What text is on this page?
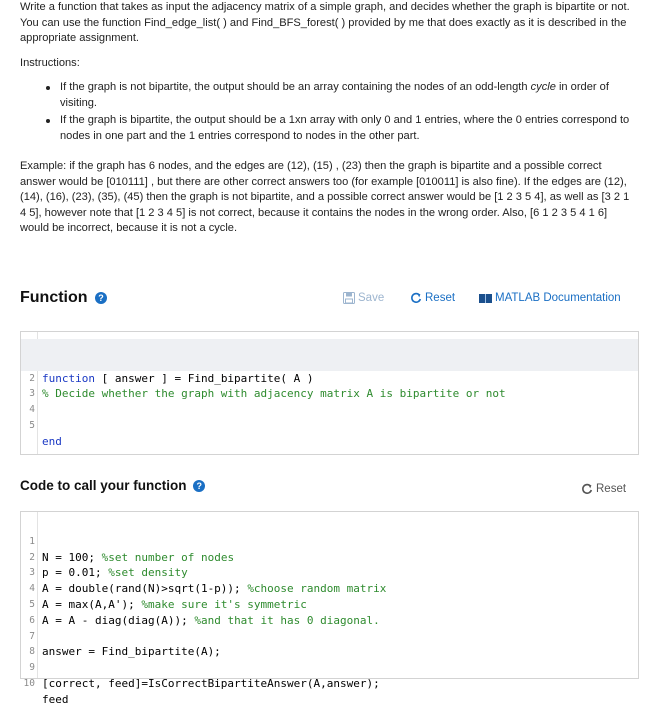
Write a function that takes as input the adjacency matrix of a simple graph, and decides whether the graph is bipartite or not. You can use the function Find_edge_list( ) and Find_BFS_forest( ) provided by me that does exactly as it is described in the appropriate assignment.

Instructions:
If the graph is not bipartite, the output should be an array containing the nodes of an odd-length cycle in order of visiting.
If the graph is bipartite, the output should be a 1xn array with only 0 and 1 entries, where the 0 entries correspond to nodes in one part and the 1 entries correspond to nodes in the other part.

Example: if the graph has 6 nodes, and the edges are (12), (15) , (23) then the graph is bipartite and a possible correct answer would be [010111] , but there are other correct answers too (for example [010011] is also fine). If the edges are (12), (14), (16), (23), (35), (45) then the graph is not bipartite, and a possible correct answer would be [1 2 3 5 4], as well as [3 2 1 4 5], however note that [1 2 3 4 5] is not correct, because it contains the nodes in the wrong order. Also, [6 1 2 3 5 4 1 6] would be incorrect, because it is not a cycle.

Function ?	Save	Reset	MATLAB Documentation

function [ answer ] = Find_bipartite( A )

2

% Decide whether the graph with adjacency matrix A is bipartite or not

3

4

5

end

Code to call your function ?	Reset

1

N = 100; %set number of nodes

2

p = 0.01; %set density

3

A = double(rand(N)>sqrt(1-p)); %choose random matrix

4

A = max(A,A'); %make sure it's symmetric

5

A = A - diag(diag(A)); %and that it has 0 diagonal.

6

7

answer = Find_bipartite(A);

8

9

[correct, feed]=IsCorrectBipartiteAnswer(A,answer);

10

feed
